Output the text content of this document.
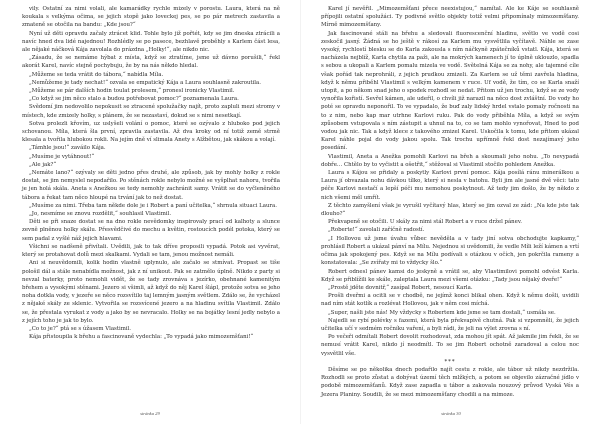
vily. Ostatní za nimi volali, ale kamarádky rychle mizely v porostu. Laura, která na ně koukala s velkýma očima, se jejich stopě jako loveckej pes, se po pár metrech zastavila a zmateně se otočila na bandu: „Kde jsou?“

Nyní už děti opravdu začaly ztrácet klid. Tohle bylo již pořtét, kdy se jim dneska ztrácili a navíc hned dva lidé najednou! Rozhlédly se po pasece, bezhlavě proběhly s Karlem část lesa, ale nějaké náčková Kája zavolala do prázdna „Holky!“, ale nikdo nic.

„Zásadu, že se nemáme hýbat z místa, když se ztratíme, jsme už dávno porušili,“ řekl akorát Karel, navíc stejně pochybuju, že by na nás někdo hledal.

„Můžeme se teda vrátit do tábora,“ nabídla Míla.

„Nemůžeme je tady nechat!“ ozvala se empatický Kája a Laura souhlasně zakroutila.

„Můžeme se pár dalších hodin toulat prolesem,“ pronesl ironicky Vlastimil.

„Co když se jim něco stalo a budou potřebovat pomoc?“ poznamenala Laura.

Svědomí jim nedovolilo nepokusit se ztracené spolužačky najít, proto zapluli mezi stromy v místech, kde zmizely holky, s plánem, že se nezastaví, dokud se s nimi nesetkají.

Sotva prolezli křovím, uz uslyšeli volání o pomoc, které se ozývalo z hluboko pod jejich schovanou. Míla, která šla první, zpravila zastavila. Až dva kroky od ní totiž země strmě klesala a tvořila hlubokou rokli. Na jejím dně ví slimala Anety s Alžbětou, jak skákou a volají.

„Támhle jsou!“ zaváilo Kája.

„Musíme je vytáhnout!“

„Ale jak?“

„Nemáte lano?“ ozývaly se děti jedno přes druhé, ale způsob, jak by mohly holky z rokle dostat, se jim nemyslel nepodařilo. Po stěnách rokle nebylo možné se vyšplhat nahoru, tvořila je jen holá skála. Aneta s Anežkou se tedy nemohly zachránit samy. Vrátit se do vyčleněného tábora a řekat tam něco hloupé na trvání jak to než dostat.

„Musíme za nimi. Třeba tam někde dole je i Robert a paní učitelka,“ shrnula situaci Laura.

„Jo, nesmíme se znovu rozdělit,“ souhlasil Vlastimil.

Děti se při snaze dostat se na dno rokle nevědomky inspirovaly prací od kalhoty a slunce zevně plněnou holky skálu. Přesvědčivé do mechu a květin, rostoucích podél potoka, který se sem padal z vyšlé náž jejich hlavami.

Všichni se nadšeně přivítali. Uvědili, jak to tak dříve proposili vypadá. Potok asi vyvěrat, který se protahovat dolů mezi skalkami. Vydali se tam, jenou možnost nemáli.

Ani si neuvědomili, kolik hodin vlastně uplynulo, ale začalo se stmívat. Propast se tiše pološil dál a stále nenabídla možnost, jak z ní unikout. Pak se zatmělo úplně. Nikdo z party si nevzal baterky, proto nemohli vidět, že se tady zrovnáva s jezírko, obehnané kamenitým břehem a vysokými stěnami. Jezero si všimli, až když do něj Karel šlápl, protože sotva se jeho noha dotkla vody, v jezeře se něco rozsvítilo taj lemným jasným světlem. Zdálo se, že vycházel z nějaké skály ze sklenic. Vytvořila se rozsvícené jezero a na hladinu svítila Vlastimil. Zdálo se, že přestala vyrukat z vody a jako by se nevracalo. Holky se na bojátky lesní jedly nebylo a z jejích toho je jak to bylo.

„Co to je?“ ptá se s úžasem Vlastimil.

Kája přistoupila k břehu a fascinovaně vydechla: „To vypadá jako mimozemšťani!“

stránka 29

Karel jí nevěřil. „Mimozemšťani přece neexistujou,“ namítal. Ale ke Káje se souhlasně přípojili ostatní spolužáci. Ty podivné světlo objekty totiž velmi připomínaly mimozemšťany. Mírně mimozemšťany.

Jak fascinované stáli na břehu a sledovali fluorescenční hladinu, světlo ve vodě cosi zeskočil jasný. Žádná se ho ještě v rákosí za Karlem mu vysvětlila vyčítavě. Náhle se zase vysoký, rychlostí blesku se do Karla zakousla s ním náčkyně zpátečníků vstatl. Kája, která se nacházela nejblíž, Karla chytila za paži, ale na mokrých kamenech jí to úplně uklouzlo, spadla s sebou a ukopali a Karlem pomalu mizela ve vodě. Světelná Kája se za nohy, ale tajemné cíle však pořád tak neprohráli, z jejich prudkou zmizeli. Za Karlem se už těmi zavřela hladina, když k němu přiběhl Vlastimil s velkým kamenem v ruce. Uf vodě, že tím, co se Karla snaží utopit, a po někom snad jeho o spodek rozhodl se nedat. Přitom už jen trochu, když se ze vody vynořila kořistí. Sevřel kámen, ale udeřil, o chvíli již narazil na něco dost zvláštní. Do vody ho poté se opravdu neponořil. To ve vypadalo, že buď zaly lidský hrdel vstalo pomaly ročnosti na to z nim, nebo kap mar utrhne Karlovi ruku. Pak do vody přiběhla Míla, a když se svým způsobem vstupovala s ním zástupit a uhnul na to, co se tam mohlo vynořovat, Hned to pod vodou jak nic. Tak a když klece z takového zmizel Karel. Uskočila k tomu, kde přitom ukázal Karel náhle pojal do vody jakou spolu. Tak trochu upřímně řekl dost nezajímavý jeho posedání.

Vlastimil, Aneta a Anežka pomohli Karlovi na břeh a skoumali jeho nohu. „To nevypadá dobře… Chtělo by to vyčistit a ošetřit,“ stěžoval si Vlastimil stočilo pohledem Anežka.

Laura s Kájou se přidaly a poskytly Karlovi první pomoc. Kája posílá ránu minerálkou a Laura jí obvazala nohu dávkou tílko, který si nesla v batohu. Byli jim ale jasné dvě věci: tato péče Karlovi nestačí a lepší péči mu nemohou poskytnout. Až tedy jim došlo, že by někdo z nich všemi měl umřít.

Z těchto zamyšlení však je vyrušil vyčítavý hlas, který se jim ozval ze zád: „Na kde jste tak dlouho?“

Překvapeně se otočili. U skály za nimi stál Robert a v ruce držel pánev.

„Roberte!“ zavolali zaříčně radostí.

„I Hollovou už jsme úvahu vůbec nevěděla a v tady jiní sotva obchodujte kapkamy,“ prohlásil Robert a ukázal pánví na Mílu. Nejednou si uvědomili, že vedle Míli leží kámen a vrtí očima jak spokojený pes. Když se na Mílu podívali s otázkou v očích, jen pokrčila rameny a konstatovala: „Se zvířaty mi to vždycky šlo.“

Robert odnesl pánev kamsi do jeskyně a vrátil se, aby Vlastimilovi pomohl odvést Karla. Když se přiblížili ke skále, zaleptala Laura mezi všemi otázku: „Tady jsou nějaký dveře!“

„Prostě jděte dovnitř,“ zasípal Robert, nesoucí Karla.

Prošli dveřmi a ocitli se v chodbě, ne jejímž konci blikal ohen. Když k němu došli, uvidili nad ním stát kotlík a rozlévat Hollovou, jak v něm cosi míchá.

„Super, našli jste nás! My vždycky s Robertem kde jsme se tam dostali,“ usmála se.

Najedli se rybí polévky s fazemi, která byla překvapivě chutná. Pak si vzpomněli, že jejich učitelka učí v sedmém ročníku vaření, a byli rádi, že jeli na výlet zrovna s ní.

Po večeři odmítali Robert dovolit rozhodovat, zda mohou jít spát. Až jakmile jim řekli, že se nemusí vrátit Karel, nikdo jí neodmítl. To se jim Robert ochotně zaradoval a celou noc vysvětlil vše.

***

Děsíme se po několika dnech podařilo najít cestu z rokle, ale tábor už nikdy nezdržila. Rozhodli se proto zůstat a dobývat území těch mlžkých, a potom se objevilo zázračné jídlo v podobě mimozemšťanů. Když zase zapadla u tábor a zakovala nouzový průvod Vyská Vés a Jezera Planiny. Soudili, že se mezi mimozemšťany chodili a na mimoze.

stránka 30
